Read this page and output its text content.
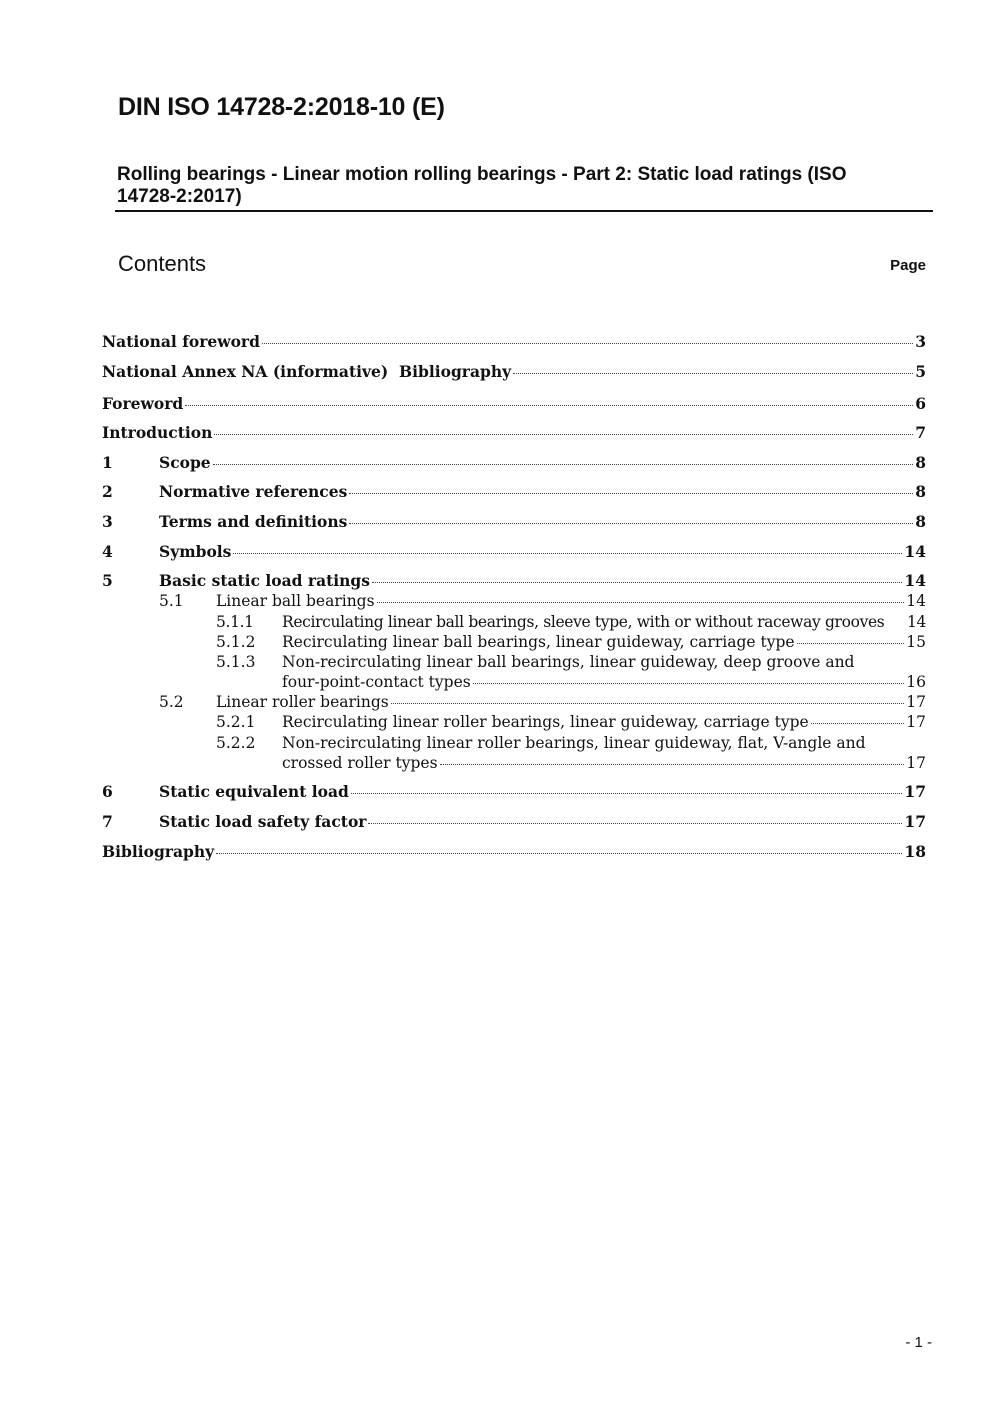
DIN ISO 14728-2:2018-10 (E)
Rolling bearings - Linear motion rolling bearings - Part 2: Static load ratings (ISO 14728-2:2017)
Contents	Page
National foreword	3
National Annex NA (informative)  Bibliography	5
Foreword	6
Introduction	7
1	Scope	8
2	Normative references	8
3	Terms and definitions	8
4	Symbols	14
5	Basic static load ratings	14
5.1	Linear ball bearings	14
5.1.1	Recirculating linear ball bearings, sleeve type, with or without raceway grooves 14
5.1.2	Recirculating linear ball bearings, linear guideway, carriage type	15
5.1.3 Non-recirculating linear ball bearings, linear guideway, deep groove and
four-point-contact types	16
5.2	Linear roller bearings	17
5.2.1	Recirculating linear roller bearings, linear guideway, carriage type	17
5.2.2 Non-recirculating linear roller bearings, linear guideway, flat, V-angle and
crossed roller types	17
6	Static equivalent load	17
7	Static load safety factor	17
Bibliography	18
- 1 -
